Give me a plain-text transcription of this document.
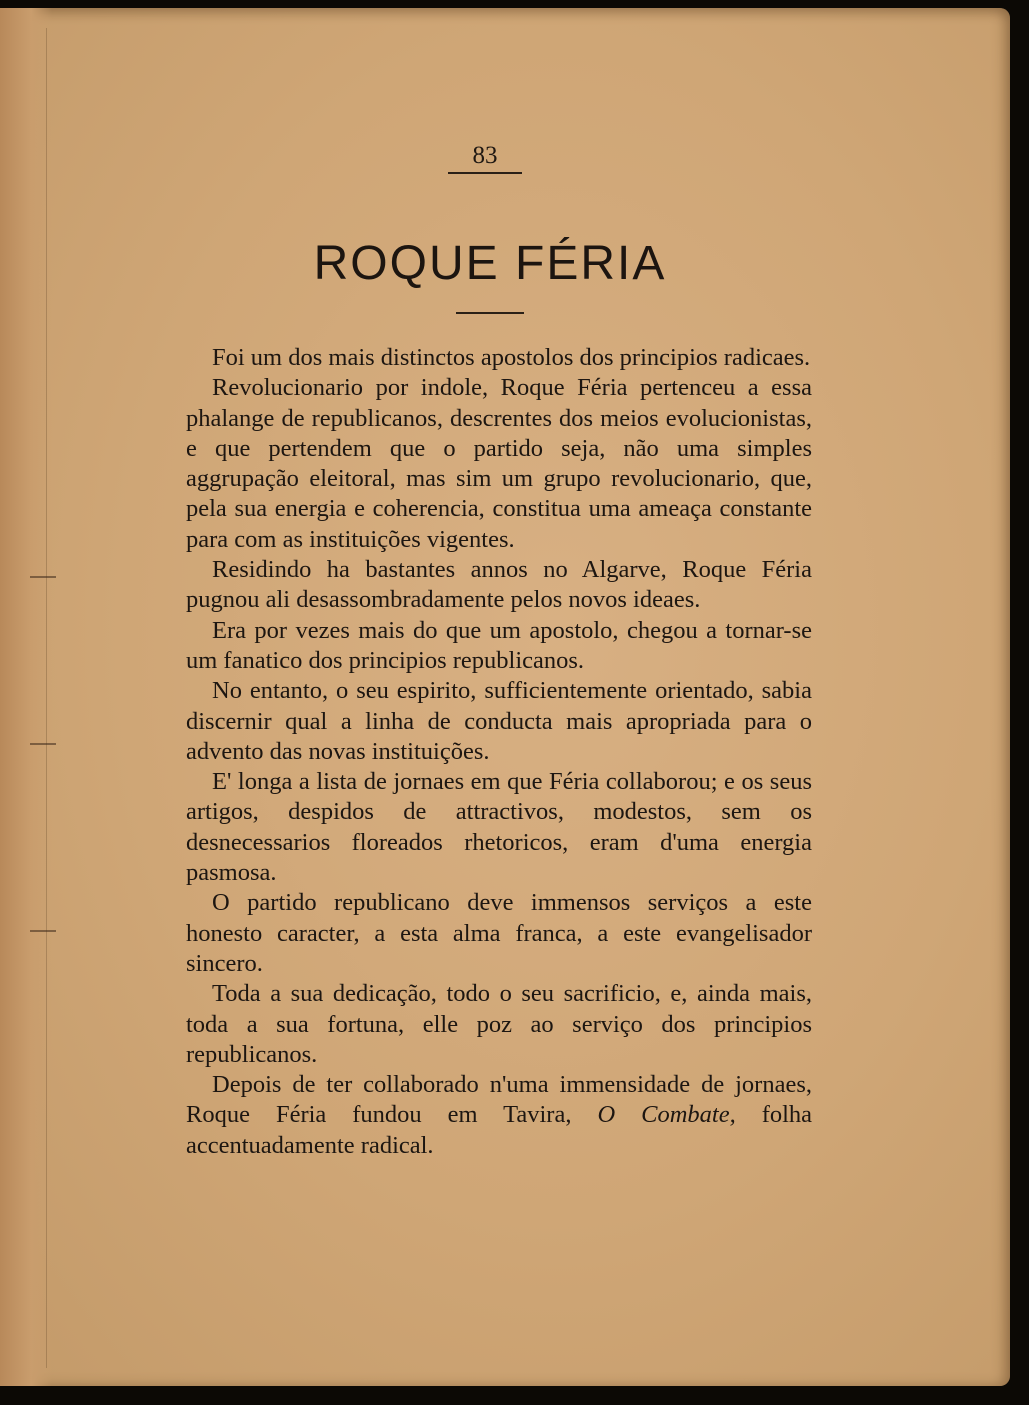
83
ROQUE FÉRIA

Foi um dos mais distinctos apostolos dos principios radicaes.

Revolucionario por indole, Roque Féria pertenceu a essa phalange de republicanos, descrentes dos meios evolucionistas, e que pertendem que o partido seja, não uma simples aggrupação eleitoral, mas sim um grupo revolucionario, que, pela sua energia e coherencia, constitua uma ameaça constante para com as instituições vigentes.

Residindo ha bastantes annos no Algarve, Roque Féria pugnou ali desassombradamente pelos novos ideaes.

Era por vezes mais do que um apostolo, chegou a tornar-se um fanatico dos principios republicanos.

No entanto, o seu espirito, sufficientemente orientado, sabia discernir qual a linha de conducta mais apropriada para o advento das novas instituições.

E' longa a lista de jornaes em que Féria collaborou; e os seus artigos, despidos de attractivos, modestos, sem os desnecessarios floreados rhetoricos, eram d'uma energia pasmosa.

O partido republicano deve immensos serviços a este honesto caracter, a esta alma franca, a este evangelisador sincero.

Toda a sua dedicação, todo o seu sacrificio, e, ainda mais, toda a sua fortuna, elle poz ao serviço dos principios republicanos.

Depois de ter collaborado n'uma immensidade de jornaes, Roque Féria fundou em Tavira, O Combate, folha accentuadamente radical.
